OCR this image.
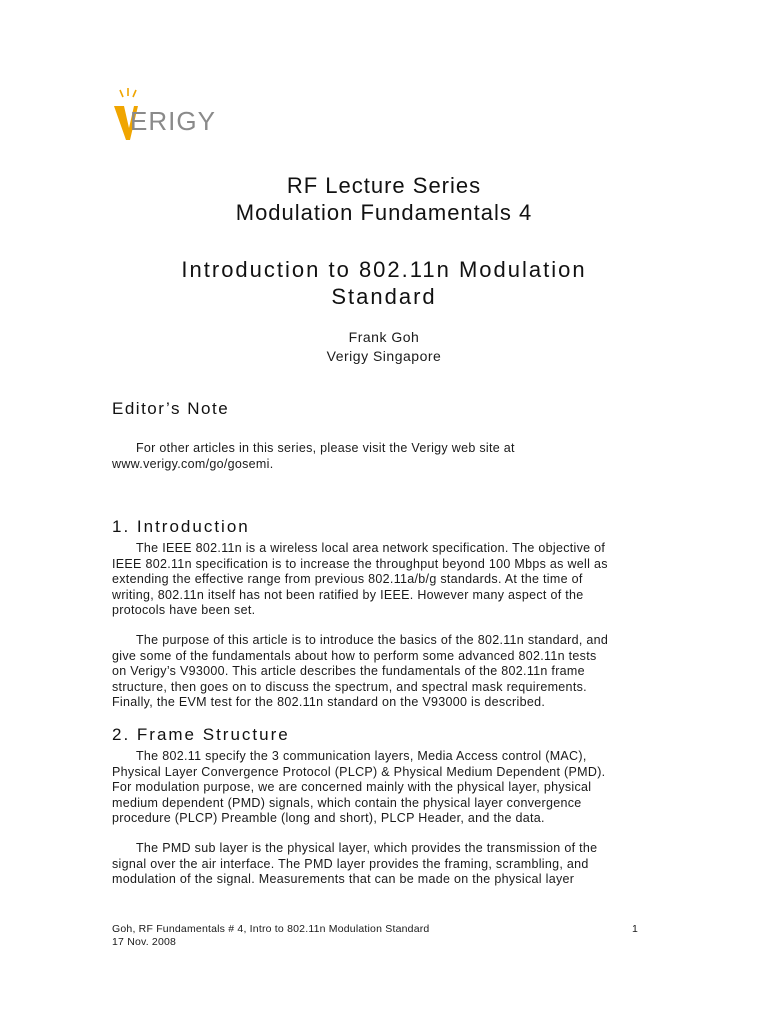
ERIGY
RF Lecture Series
Modulation Fundamentals 4
Introduction to 802.11n Modulation
Standard
Frank Goh
Verigy Singapore
Editor’s Note
For other articles in this series, please visit the Verigy web site at
www.verigy.com/go/gosemi.
1. Introduction
The IEEE 802.11n is a wireless local area network specification. The objective of
IEEE 802.11n specification is to increase the throughput beyond 100 Mbps as well as
extending the effective range from previous 802.11a/b/g standards. At the time of
writing, 802.11n itself has not been ratified by IEEE. However many aspect of the
protocols have been set.
The purpose of this article is to introduce the basics of the 802.11n standard, and
give some of the fundamentals about how to perform some advanced 802.11n tests
on Verigy’s V93000. This article describes the fundamentals of the 802.11n frame
structure, then goes on to discuss the spectrum, and spectral mask requirements.
Finally, the EVM test for the 802.11n standard on the V93000 is described.
2. Frame Structure
The 802.11 specify the 3 communication layers, Media Access control (MAC),
Physical Layer Convergence Protocol (PLCP) & Physical Medium Dependent (PMD).
For modulation purpose, we are concerned mainly with the physical layer, physical
medium dependent (PMD) signals, which contain the physical layer convergence
procedure (PLCP) Preamble (long and short), PLCP Header, and the data.
The PMD sub layer is the physical layer, which provides the transmission of the
signal over the air interface. The PMD layer provides the framing, scrambling, and
modulation of the signal. Measurements that can be made on the physical layer
Goh, RF Fundamentals # 4, Intro to 802.11n Modulation Standard
17 Nov. 2008
1
